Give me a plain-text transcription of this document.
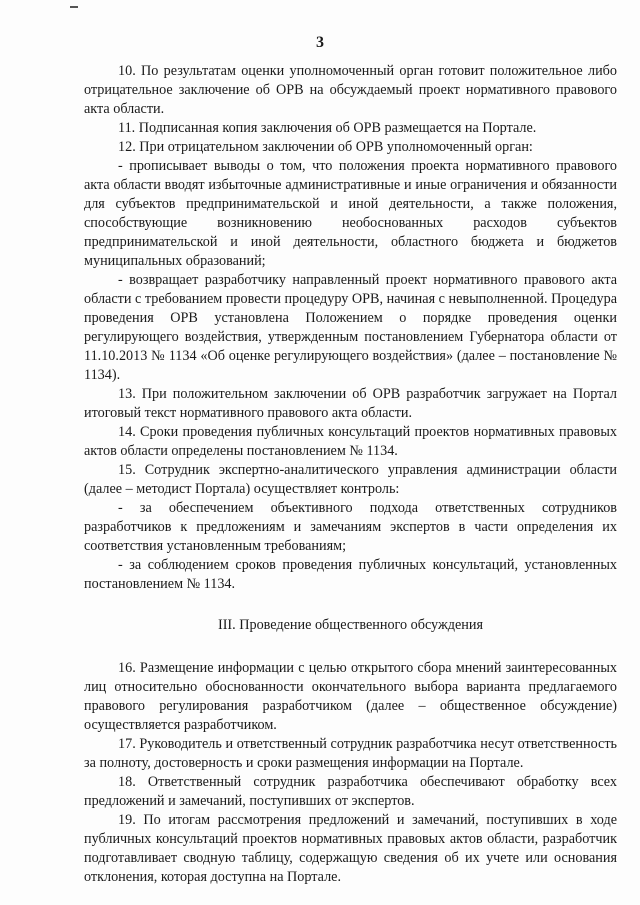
3

10. По результатам оценки уполномоченный орган готовит положительное либо отрицательное заключение об ОРВ на обсуждаемый проект нормативного правового акта области.

11. Подписанная копия заключения об ОРВ размещается на Портале.

12. При отрицательном заключении об ОРВ уполномоченный орган:

- прописывает выводы о том, что положения проекта нормативного правового акта области вводят избыточные административные и иные ограничения и обязанности для субъектов предпринимательской и иной деятельности, а также положения, способствующие возникновению необоснованных расходов субъектов предпринимательской и иной деятельности, областного бюджета и бюджетов муниципальных образований;

- возвращает разработчику направленный проект нормативного правового акта области с требованием провести процедуру ОРВ, начиная с невыполненной. Процедура проведения ОРВ установлена Положением о порядке проведения оценки регулирующего воздействия, утвержденным постановлением Губернатора области от 11.10.2013 № 1134 «Об оценке регулирующего воздействия» (далее – постановление № 1134).

13. При положительном заключении об ОРВ разработчик загружает на Портал итоговый текст нормативного правового акта области.

14. Сроки проведения публичных консультаций проектов нормативных правовых актов области определены постановлением № 1134.

15. Сотрудник экспертно-аналитического управления администрации области (далее – методист Портала) осуществляет контроль:

- за обеспечением объективного подхода ответственных сотрудников разработчиков к предложениям и замечаниям экспертов в части определения их соответствия установленным требованиям;

- за соблюдением сроков проведения публичных консультаций, установленных постановлением № 1134.

III. Проведение общественного обсуждения

16. Размещение информации с целью открытого сбора мнений заинтересованных лиц относительно обоснованности окончательного выбора варианта предлагаемого правового регулирования разработчиком (далее – общественное обсуждение) осуществляется разработчиком.

17. Руководитель и ответственный сотрудник разработчика несут ответственность за полноту, достоверность и сроки размещения информации на Портале.

18. Ответственный сотрудник разработчика обеспечивают обработку всех предложений и замечаний, поступивших от экспертов.

19. По итогам рассмотрения предложений и замечаний, поступивших в ходе публичных консультаций проектов нормативных правовых актов области, разработчик подготавливает сводную таблицу, содержащую сведения об их учете или основания отклонения, которая доступна на Портале.
